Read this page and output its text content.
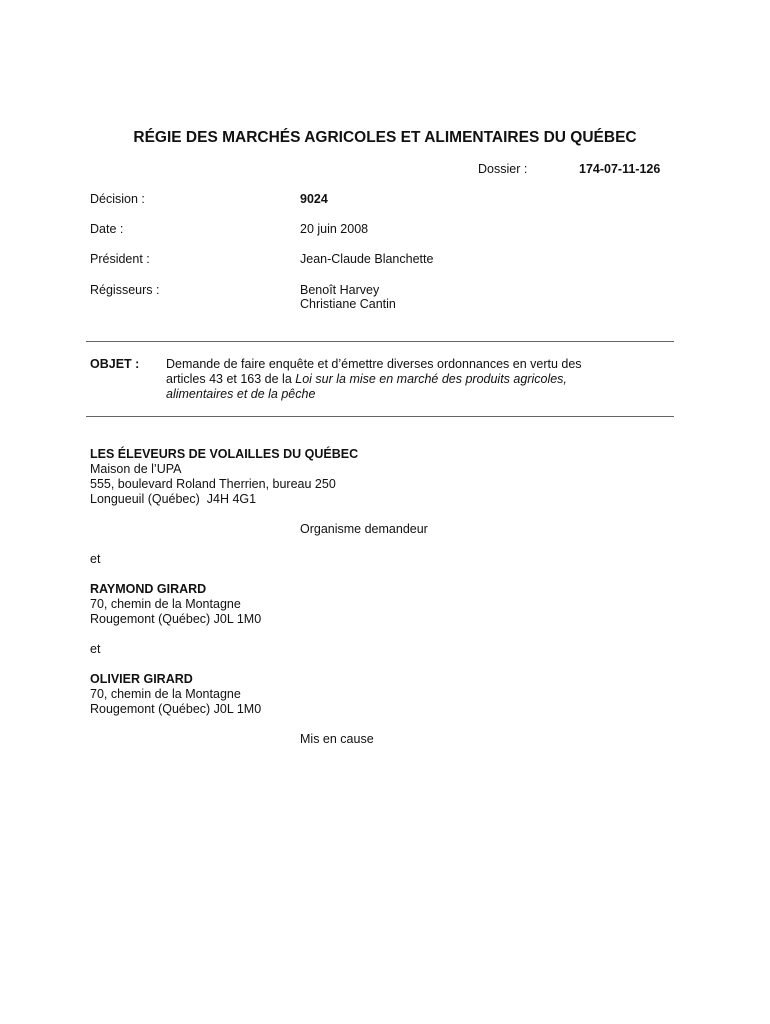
RÉGIE DES MARCHÉS AGRICOLES ET ALIMENTAIRES DU QUÉBEC
Dossier :	174-07-11-126
Décision :	9024
Date :	20 juin 2008
Président :	Jean-Claude Blanchette
Régisseurs :	Benoît Harvey
Christiane Cantin
OBJET : Demande de faire enquête et d’émettre diverses ordonnances en vertu des
articles 43 et 163 de la Loi sur la mise en marché des produits agricoles,
alimentaires et de la pêche
LES ÉLEVEURS DE VOLAILLES DU QUÉBEC
Maison de l’UPA
555, boulevard Roland Therrien, bureau 250
Longueuil (Québec)  J4H 4G1
Organisme demandeur
et
RAYMOND GIRARD
70, chemin de la Montagne
Rougemont (Québec) J0L 1M0
et
OLIVIER GIRARD
70, chemin de la Montagne
Rougemont (Québec) J0L 1M0
Mis en cause
